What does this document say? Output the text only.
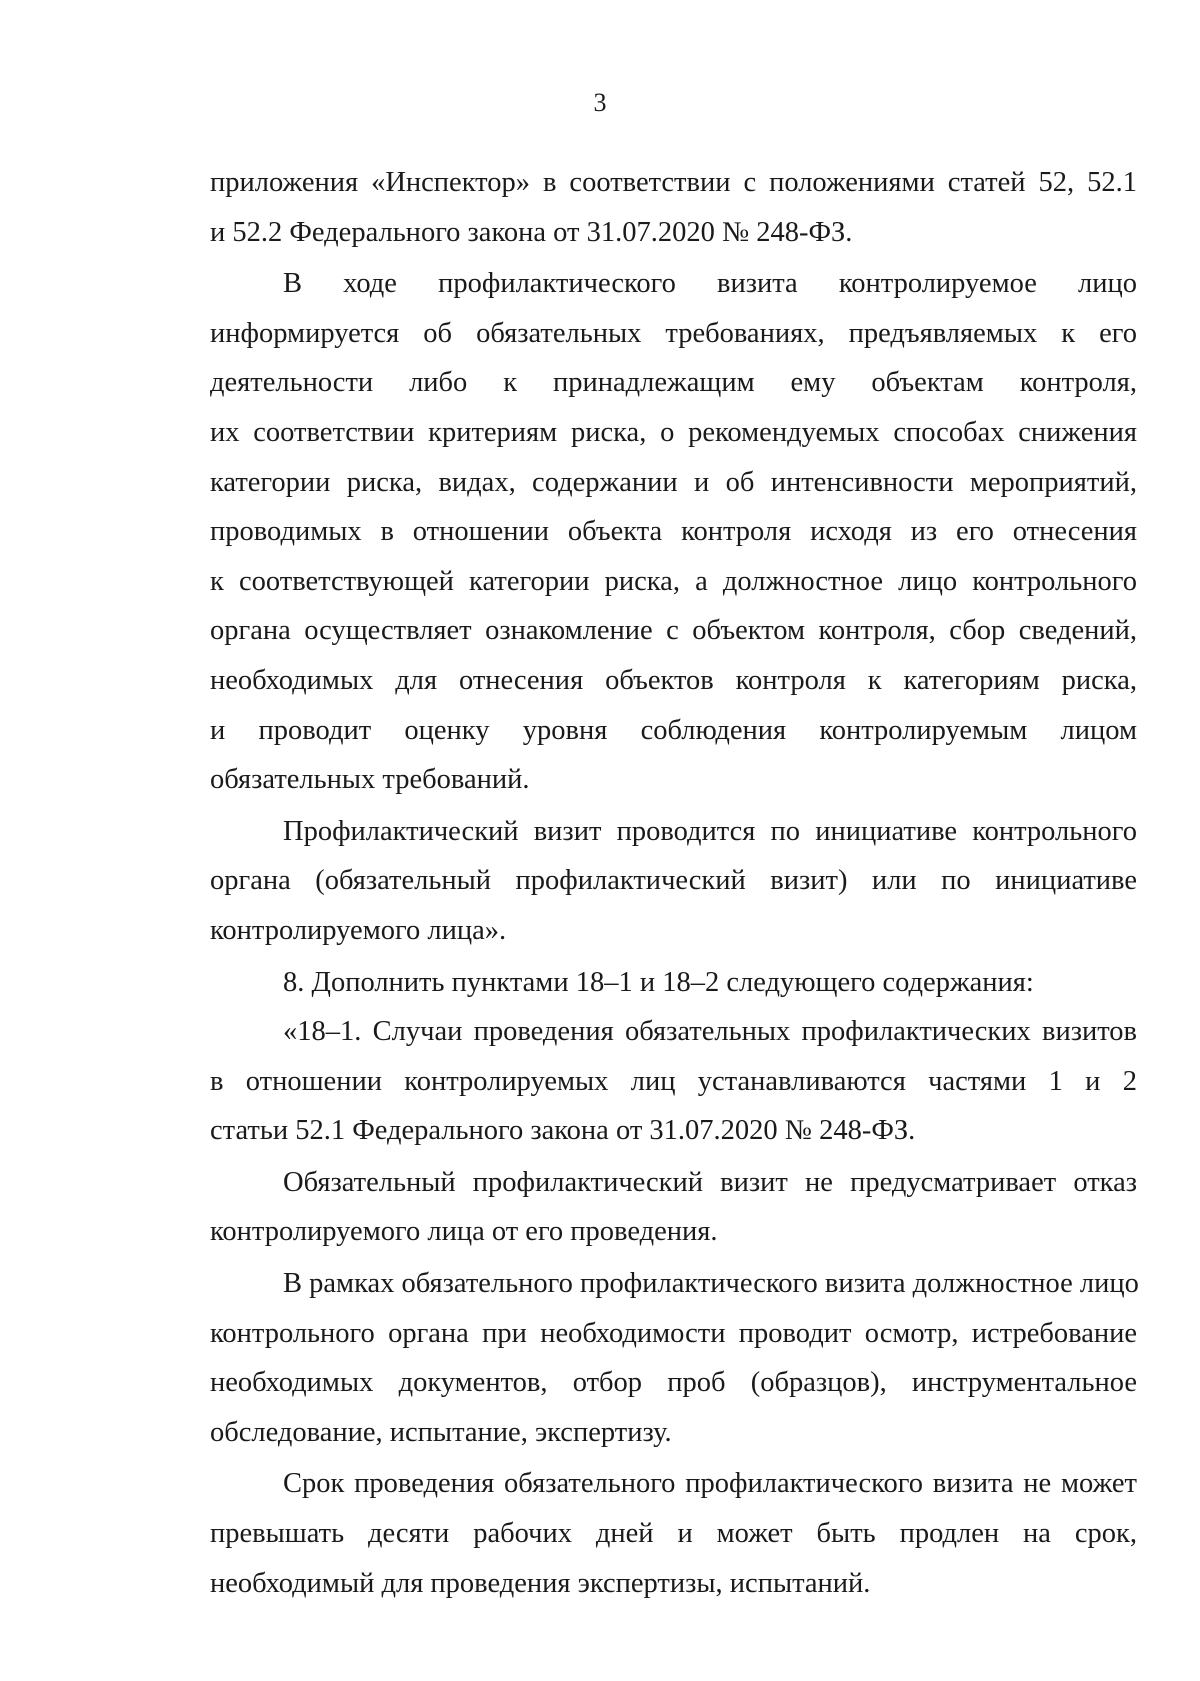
3
приложения «Инспектор» в соответствии с положениями статей 52, 52.1
и 52.2 Федерального закона от 31.07.2020 № 248-ФЗ.
В ходе профилактического визита контролируемое лицо
информируется об обязательных требованиях, предъявляемых к его
деятельности либо к принадлежащим ему объектам контроля,
их соответствии критериям риска, о рекомендуемых способах снижения
категории риска, видах, содержании и об интенсивности мероприятий,
проводимых в отношении объекта контроля исходя из его отнесения
к соответствующей категории риска, а должностное лицо контрольного
органа осуществляет ознакомление с объектом контроля, сбор сведений,
необходимых для отнесения объектов контроля к категориям риска,
и проводит оценку уровня соблюдения контролируемым лицом
обязательных требований.
Профилактический визит проводится по инициативе контрольного
органа (обязательный профилактический визит) или по инициативе
контролируемого лица».
8. Дополнить пунктами 18–1 и 18–2 следующего содержания:
«18–1. Случаи проведения обязательных профилактических визитов
в отношении контролируемых лиц устанавливаются частями 1 и 2
статьи 52.1 Федерального закона от 31.07.2020 № 248-ФЗ.
Обязательный профилактический визит не предусматривает отказ
контролируемого лица от его проведения.
В рамках обязательного профилактического визита должностное лицо
контрольного органа при необходимости проводит осмотр, истребование
необходимых документов, отбор проб (образцов), инструментальное
обследование, испытание, экспертизу.
Срок проведения обязательного профилактического визита не может
превышать десяти рабочих дней и может быть продлен на срок,
необходимый для проведения экспертизы, испытаний.
